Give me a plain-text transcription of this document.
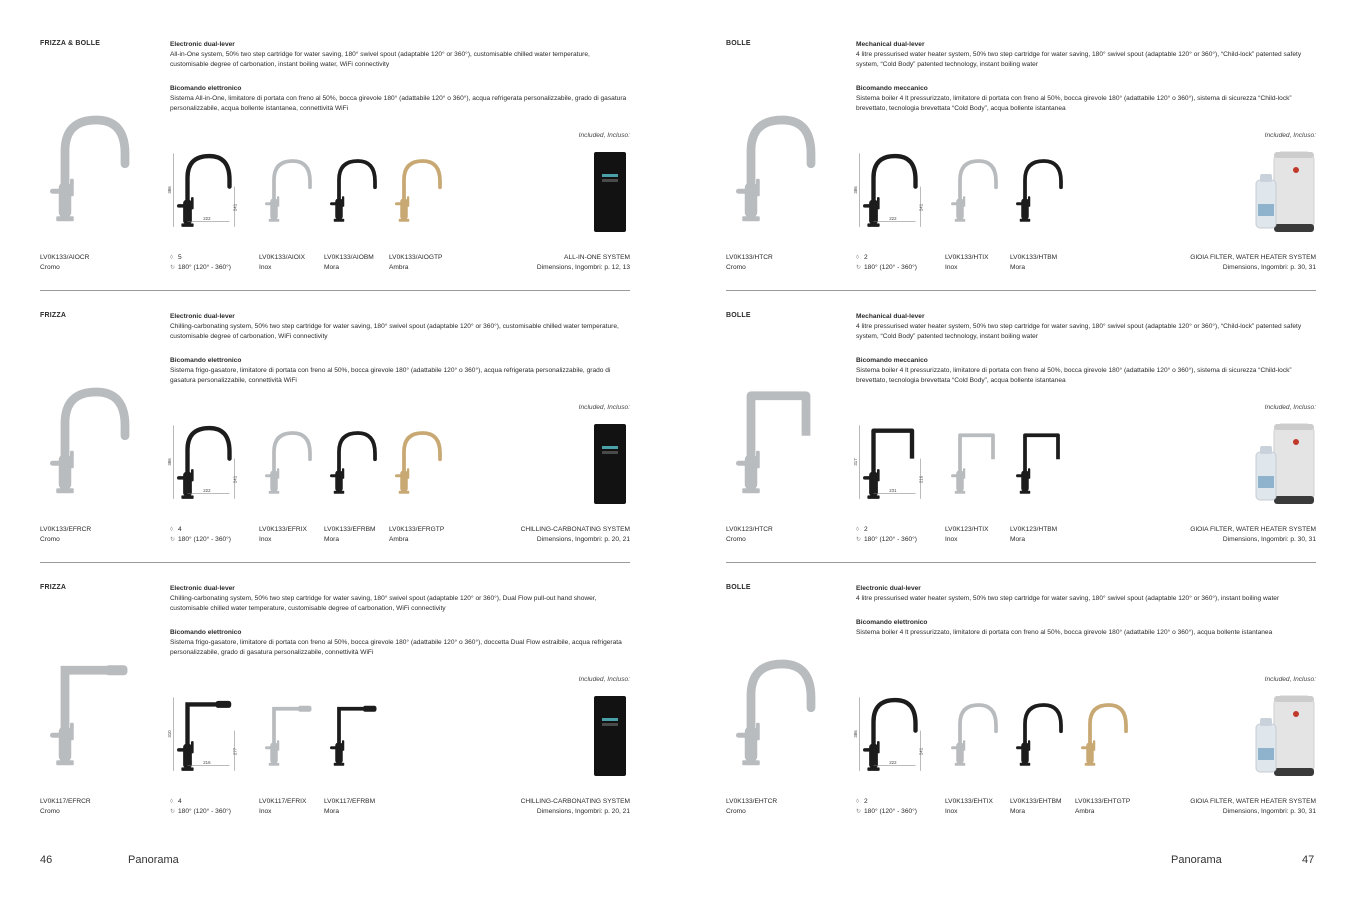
FRIZZA & BOLLE	Electronic dual-lever
All-in-One system, 50% two step cartridge for water saving, 180° swivel spout (adaptable 120° or 360°), customisable chilled water temperature, customisable degree of carbonation, instant boiling water, WiFi connectivity
Bicomando elettronico
Sistema All-in-One, limitatore di portata con freno al 50%, bocca girevole 180° (adattabile 120° o 360°), acqua refrigerata personalizzabile, grado di gasatura personalizzabile, acqua bollente istantanea, connettività WiFi
Included, Incluso:
386
241
222
LV0K133/AIOIX
Inox
LV0K133/AIOBM
Mora
LV0K133/AIOGTP
Ambra
LV0K133/AIOCR
Cromo
◊ 5
↻ 180° (120° - 360°)
ALL-IN-ONE SYSTEM
Dimensions, Ingombri: p. 12, 13
FRIZZA	Electronic dual-lever
Chilling-carbonating system, 50% two step cartridge for water saving, 180° swivel spout (adaptable 120° or 360°), customisable chilled water temperature, customisable degree of carbonation, WiFi connectivity
Bicomando elettronico
Sistema frigo-gasatore, limitatore di portata con freno al 50%, bocca girevole 180° (adattabile 120° o 360°), acqua refrigerata personalizzabile, grado di gasatura personalizzabile, connettività WiFi
Included, Incluso:
386
241
222
LV0K133/EFRIX
Inox
LV0K133/EFRBM
Mora
LV0K133/EFRGTP
Ambra
LV0K133/EFRCR
Cromo
◊ 4
↻ 180° (120° - 360°)
CHILLING-CARBONATING SYSTEM
Dimensions, Ingombri: p. 20, 21
FRIZZA	Electronic dual-lever
Chilling-carbonating system, 50% two step cartridge for water saving, 180° swivel spout (adaptable 120° or 360°), Dual Flow pull-out hand shower, customisable chilled water temperature, customisable degree of carbonation, WiFi connectivity
Bicomando elettronico
Sistema frigo-gasatore, limitatore di portata con freno al 50%, bocca girevole 180° (adattabile 120° o 360°), doccetta Dual Flow estraibile, acqua refrigerata personalizzabile, grado di gasatura personalizzabile, connettività WiFi
Included, Incluso:
310
277
216
LV0K117/EFRIX
Inox
LV0K117/EFRBM
Mora
LV0K117/EFRCR
Cromo
◊ 4
↻ 180° (120° - 360°)
CHILLING-CARBONATING SYSTEM
Dimensions, Ingombri: p. 20, 21
46	Panorama
BOLLE	Mechanical dual-lever
4 litre pressurised water heater system, 50% two step cartridge for water saving, 180° swivel spout (adaptable 120° or 360°), “Child-lock” patented safety system, “Cold Body” patented technology, instant boiling water
Bicomando meccanico
Sistema boiler 4 lt pressurizzato, limitatore di portata con freno al 50%, bocca girevole 180° (adattabile 120° o 360°), sistema di sicurezza “Child-lock” brevettato, tecnologia brevettata “Cold Body”, acqua bollente istantanea
Included, Incluso:
386
241
222
LV0K133/HTIX
Inox
LV0K133/HTBM
Mora
LV0K133/HTCR
Cromo
◊ 2
↻ 180° (120° - 360°)
GIOIA FILTER, WATER HEATER SYSTEM
Dimensions, Ingombri: p. 30, 31
BOLLE	Mechanical dual-lever
4 litre pressurised water heater system, 50% two step cartridge for water saving, 180° swivel spout (adaptable 120° or 360°), “Child-lock” patented safety system, “Cold Body” patented technology, instant boiling water
Bicomando meccanico
Sistema boiler 4 lt pressurizzato, limitatore di portata con freno al 50%, bocca girevole 180° (adattabile 120° o 360°), sistema di sicurezza “Child-lock” brevettato, tecnologia brevettata “Cold Body”, acqua bollente istantanea
Included, Incluso:
317
216
231
LV0K123/HTIX
Inox
LV0K123/HTBM
Mora
LV0K123/HTCR
Cromo
◊ 2
↻ 180° (120° - 360°)
GIOIA FILTER, WATER HEATER SYSTEM
Dimensions, Ingombri: p. 30, 31
BOLLE	Electronic dual-lever
4 litre pressurised water heater system, 50% two step cartridge for water saving, 180° swivel spout (adaptable 120° or 360°), instant boiling water
Bicomando elettronico
Sistema boiler 4 lt pressurizzato, limitatore di portata con freno al 50%, bocca girevole 180° (adattabile 120° o 360°), acqua bollente istantanea
Included, Incluso:
386
241
222
LV0K133/EHTIX
Inox
LV0K133/EHTBM
Mora
LV0K133/EHTGTP
Ambra
LV0K133/EHTCR
Cromo
◊ 2
↻ 180° (120° - 360°)
GIOIA FILTER, WATER HEATER SYSTEM
Dimensions, Ingombri: p. 30, 31
Panorama	47
